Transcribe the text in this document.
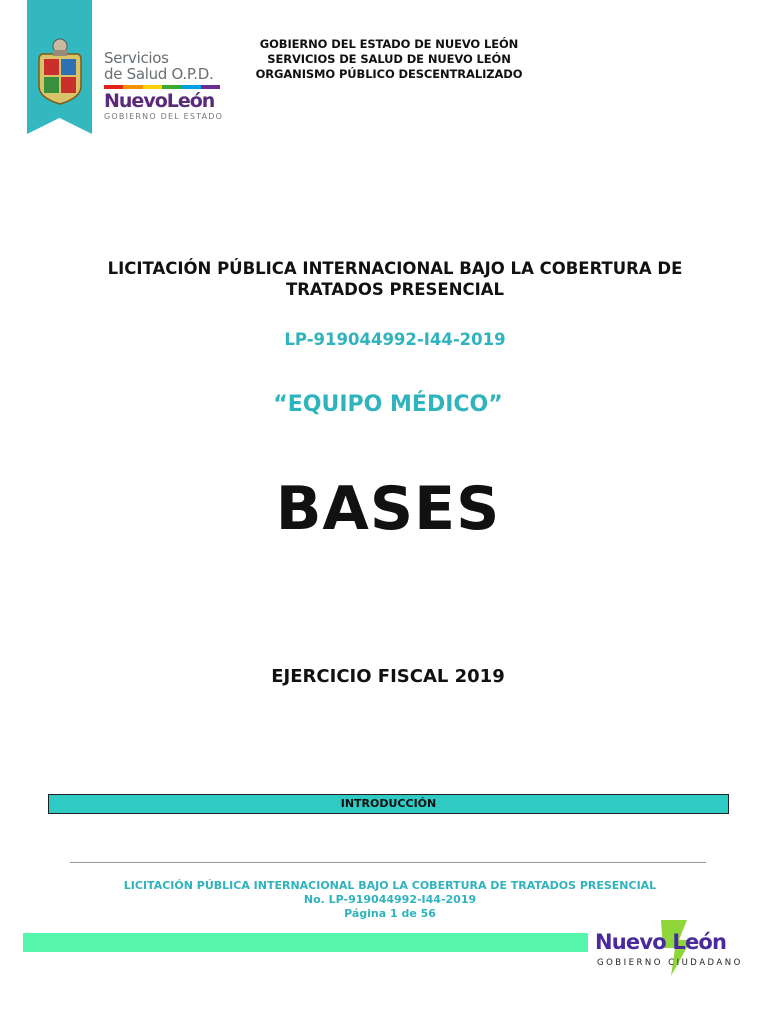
Servicios
de Salud O.P.D.
NuevoLeón
GOBIERNO DEL ESTADO
GOBIERNO DEL ESTADO DE NUEVO LEÓN
SERVICIOS DE SALUD DE NUEVO LEÓN
ORGANISMO PÚBLICO DESCENTRALIZADO
LICITACIÓN PÚBLICA INTERNACIONAL BAJO LA COBERTURA DE
TRATADOS PRESENCIAL
LP-919044992-I44-2019
“EQUIPO MÉDICO”
BASES
EJERCICIO FISCAL 2019
INTRODUCCIÓN
LICITACIÓN PÚBLICA INTERNACIONAL BAJO LA COBERTURA DE TRATADOS PRESENCIAL
No. LP-919044992-I44-2019
Página 1 de 56
Nuevo León
GOBIERNO CIUDADANO
